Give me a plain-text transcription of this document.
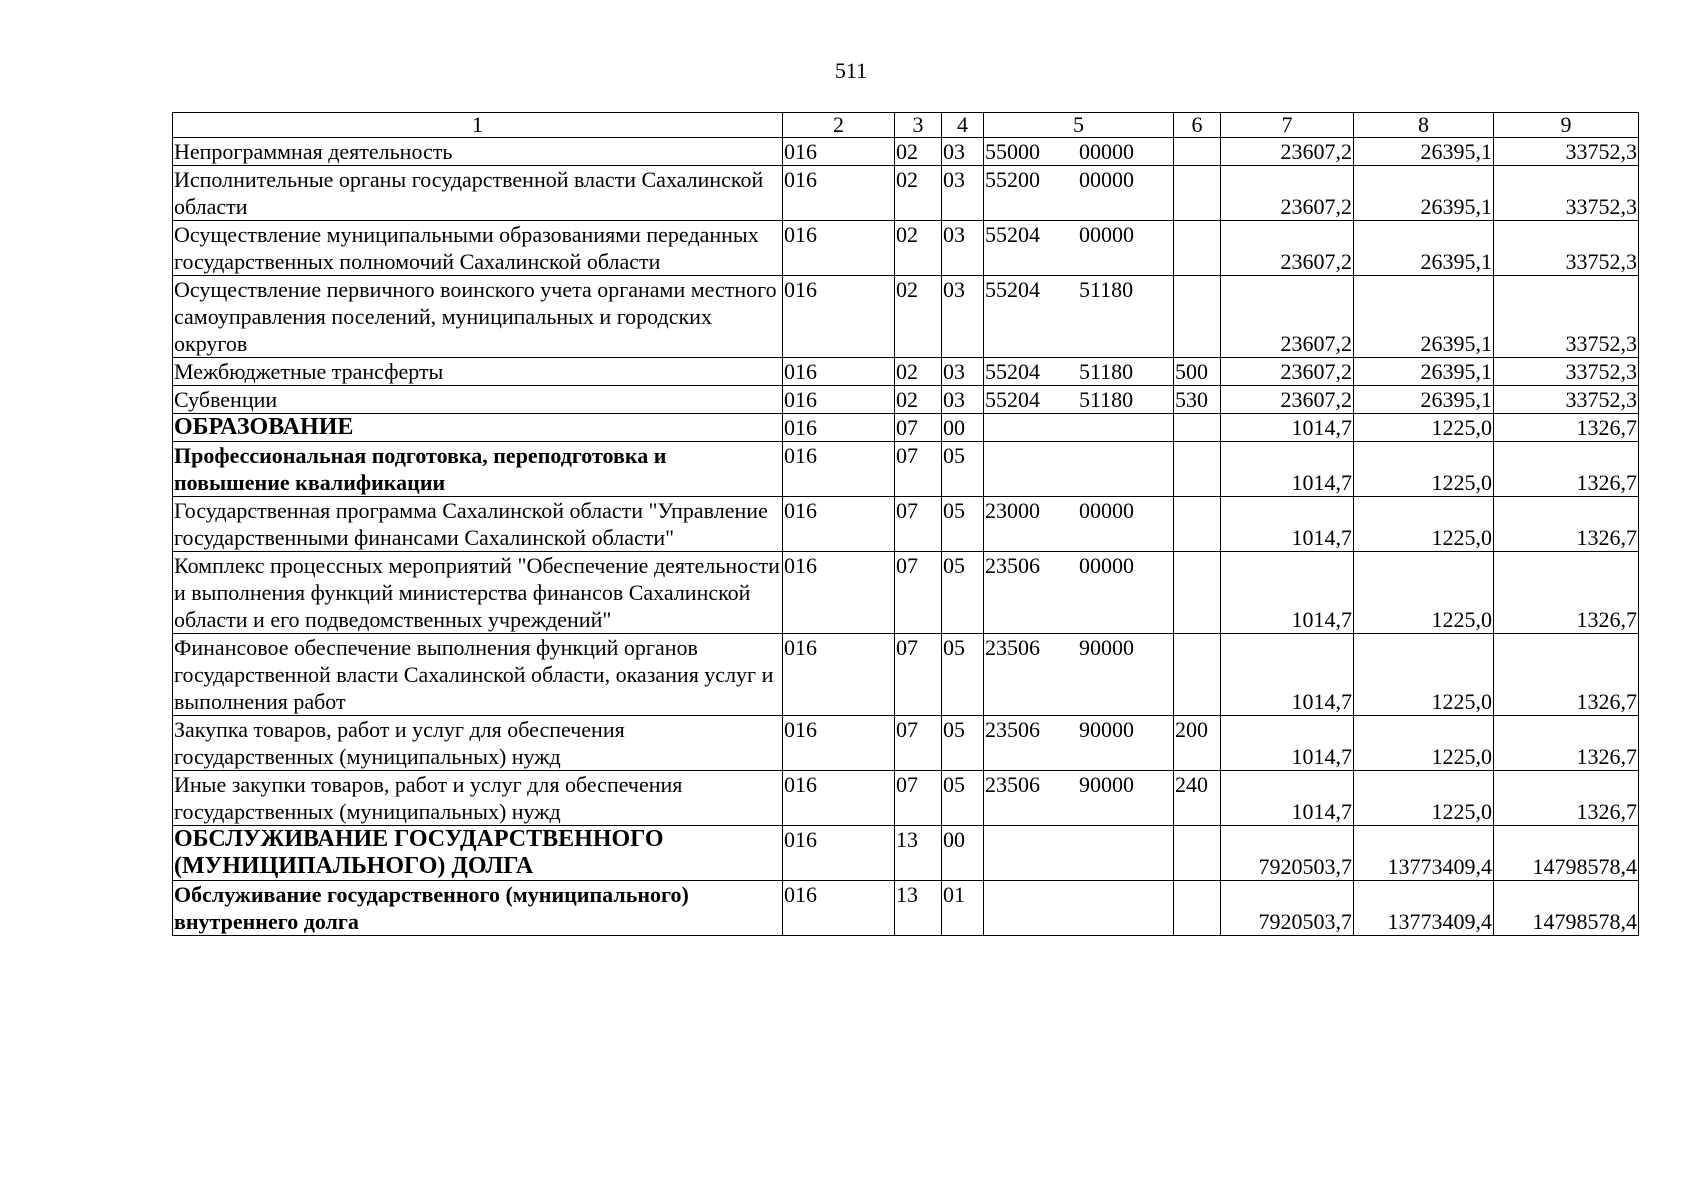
511
1	2	3	4	5	6	7	8	9
Непрограммная деятельность	016	02	03	55000 00000		23607,2	26395,1	33752,3
Исполнительные органы государственной власти Сахалинской области	016	02	03	55200 00000		23607,2	26395,1	33752,3
Осуществление муниципальными образованиями переданных государственных полномочий Сахалинской области	016	02	03	55204 00000		23607,2	26395,1	33752,3
Осуществление первичного воинского учета органами местного самоуправления поселений, муниципальных и городских округов	016	02	03	55204 51180		23607,2	26395,1	33752,3
Межбюджетные трансферты	016	02	03	55204 51180	500	23607,2	26395,1	33752,3
Субвенции	016	02	03	55204 51180	530	23607,2	26395,1	33752,3
ОБРАЗОВАНИЕ	016	07	00			1014,7	1225,0	1326,7
Профессиональная подготовка, переподготовка и повышение квалификации	016	07	05			1014,7	1225,0	1326,7
Государственная программа Сахалинской области "Управление государственными финансами Сахалинской области"	016	07	05	23000 00000		1014,7	1225,0	1326,7
Комплекс процессных мероприятий "Обеспечение деятельности и выполнения функций министерства финансов Сахалинской области и его подведомственных учреждений"	016	07	05	23506 00000		1014,7	1225,0	1326,7
Финансовое обеспечение выполнения функций органов государственной власти Сахалинской области, оказания услуг и выполнения работ	016	07	05	23506 90000		1014,7	1225,0	1326,7
Закупка товаров, работ и услуг для обеспечения государственных (муниципальных) нужд	016	07	05	23506 90000	200	1014,7	1225,0	1326,7
Иные закупки товаров, работ и услуг для обеспечения государственных (муниципальных) нужд	016	07	05	23506 90000	240	1014,7	1225,0	1326,7
ОБСЛУЖИВАНИЕ ГОСУДАРСТВЕННОГО (МУНИЦИПАЛЬНОГО) ДОЛГА	016	13	00			7920503,7	13773409,4	14798578,4
Обслуживание государственного (муниципального) внутреннего долга	016	13	01			7920503,7	13773409,4	14798578,4
